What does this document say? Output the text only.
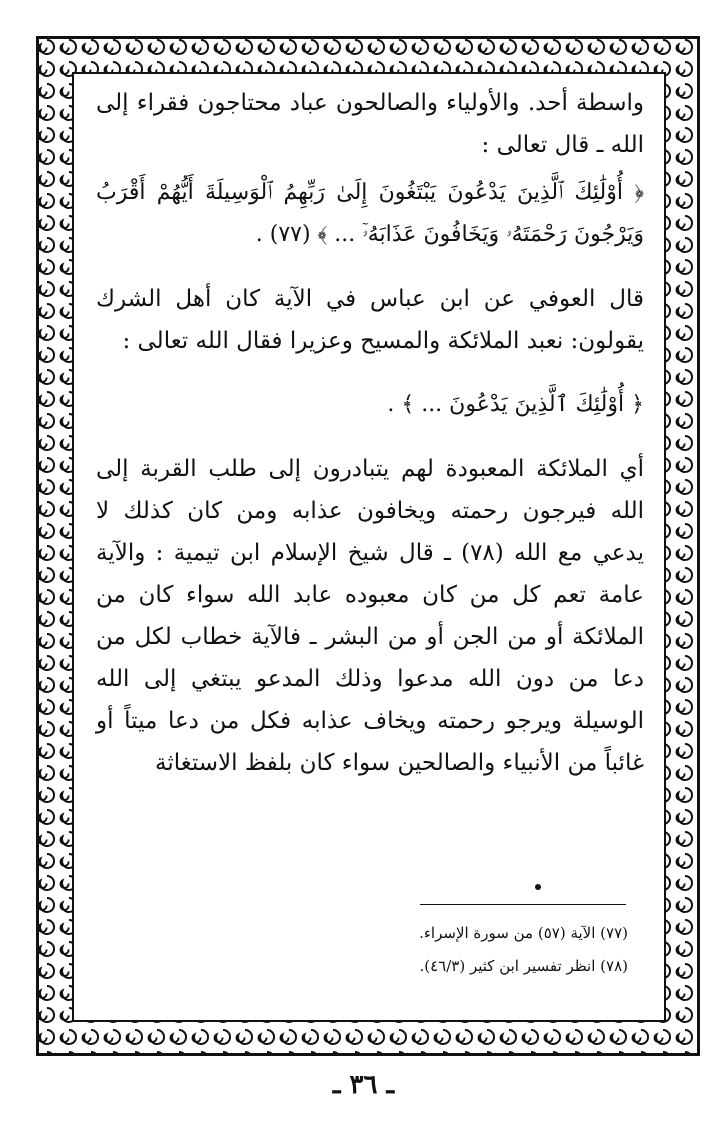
واسطة أحد. والأولياء والصالحون عباد محتاجون فقراء إلى الله ـ قال تعالى :

﴿ أُوْلَٰئِكَ ٱلَّذِينَ يَدْعُونَ يَبْتَغُونَ إِلَىٰ رَبِّهِمُ ٱلْوَسِيلَةَ أَيُّهُمْ أَقْرَبُ وَيَرْجُونَ رَحْمَتَهُۥ وَيَخَافُونَ عَذَابَهُۥٓ ... ﴾ (٧٧) .

قال العوفي عن ابن عباس في الآية كان أهل الشرك يقولون: نعبد الملائكة والمسيح وعزيرا فقال الله تعالى :

﴿ أُوْلَٰئِكَ ٱلَّذِينَ يَدْعُونَ ... ﴾ .

أي الملائكة المعبودة لهم يتبادرون إلى طلب القربة إلى الله فيرجون رحمته ويخافون عذابه ومن كان كذلك لا يدعي مع الله (٧٨) ـ قال شيخ الإسلام ابن تيمية : والآية عامة تعم كل من كان معبوده عابد الله سواء كان من الملائكة أو من الجن أو من البشر ـ فالآية خطاب لكل من دعا من دون الله مدعوا وذلك المدعو يبتغي إلى الله الوسيلة ويرجو رحمته ويخاف عذابه فكل من دعا ميتاً أو غائباً من الأنبياء والصالحين سواء كان بلفظ الاستغاثة

(٧٧) الآية (٥٧) من سورة الإسراء.
(٧٨) انظر تفسير ابن كثير (٤٦/٣).
ـ ٣٦ ـ
